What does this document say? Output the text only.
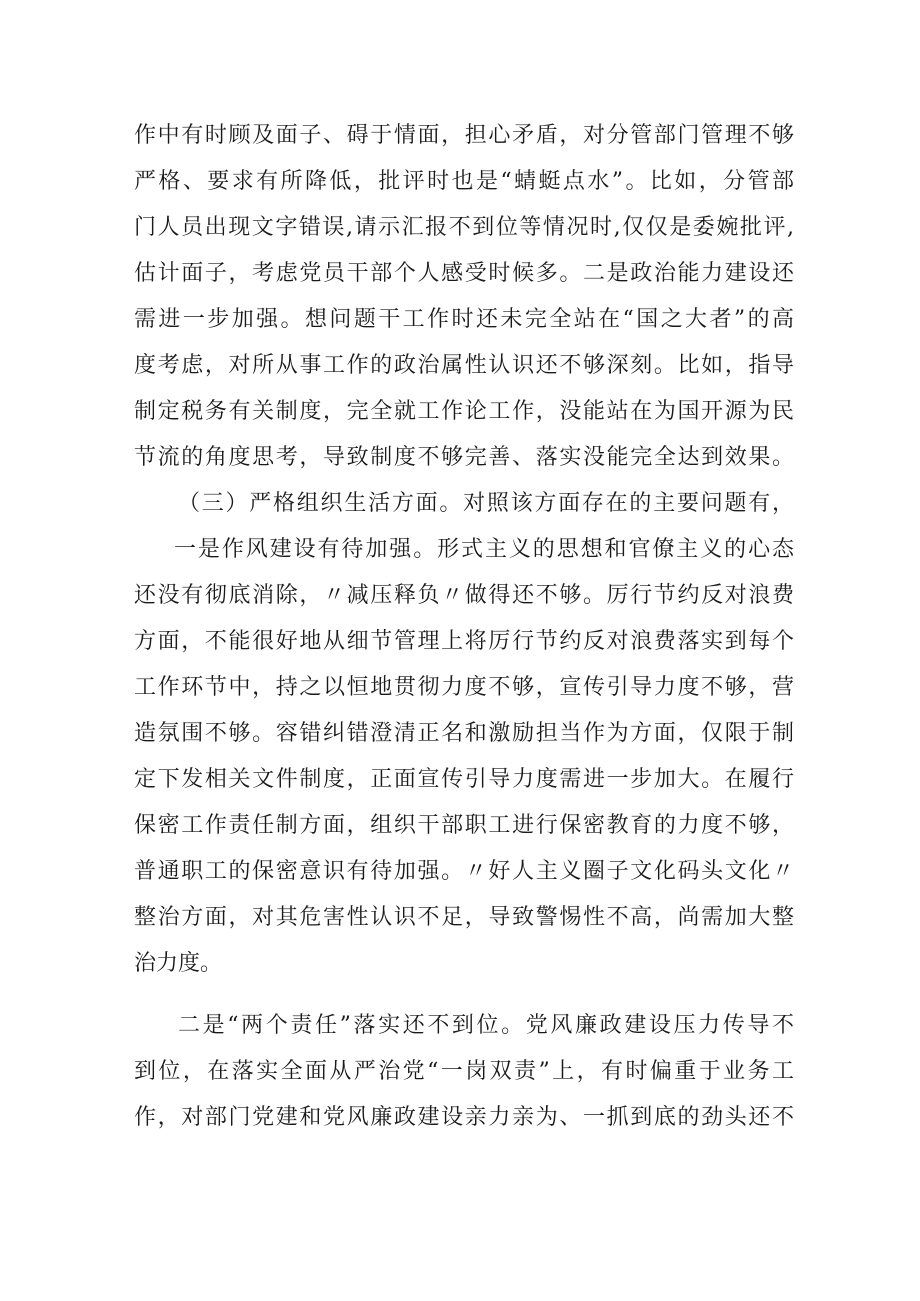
作中有时顾及面子、碍于情面，担心矛盾，对分管部门管理不够
严格、要求有所降低，批评时也是“蜻蜓点水”。比如，分管部
门人员出现文字错误,请示汇报不到位等情况时,仅仅是委婉批评,
估计面子，考虑党员干部个人感受时候多。二是政治能力建设还
需进一步加强。想问题干工作时还未完全站在“国之大者”的高
度考虑，对所从事工作的政治属性认识还不够深刻。比如，指导
制定税务有关制度，完全就工作论工作，没能站在为国开源为民
节流的角度思考，导致制度不够完善、落实没能完全达到效果。
（三）严格组织生活方面。对照该方面存在的主要问题有，
一是作风建设有待加强。形式主义的思想和官僚主义的心态
还没有彻底消除，〃减压释负〃做得还不够。厉行节约反对浪费
方面，不能很好地从细节管理上将厉行节约反对浪费落实到每个
工作环节中，持之以恒地贯彻力度不够，宣传引导力度不够，营
造氛围不够。容错纠错澄清正名和激励担当作为方面，仅限于制
定下发相关文件制度，正面宣传引导力度需进一步加大。在履行
保密工作责任制方面，组织干部职工进行保密教育的力度不够，
普通职工的保密意识有待加强。〃好人主义圈子文化码头文化〃
整治方面，对其危害性认识不足，导致警惕性不高，尚需加大整
治力度。
二是“两个责任”落实还不到位。党风廉政建设压力传导不
到位，在落实全面从严治党“一岗双责”上，有时偏重于业务工
作，对部门党建和党风廉政建设亲力亲为、一抓到底的劲头还不
